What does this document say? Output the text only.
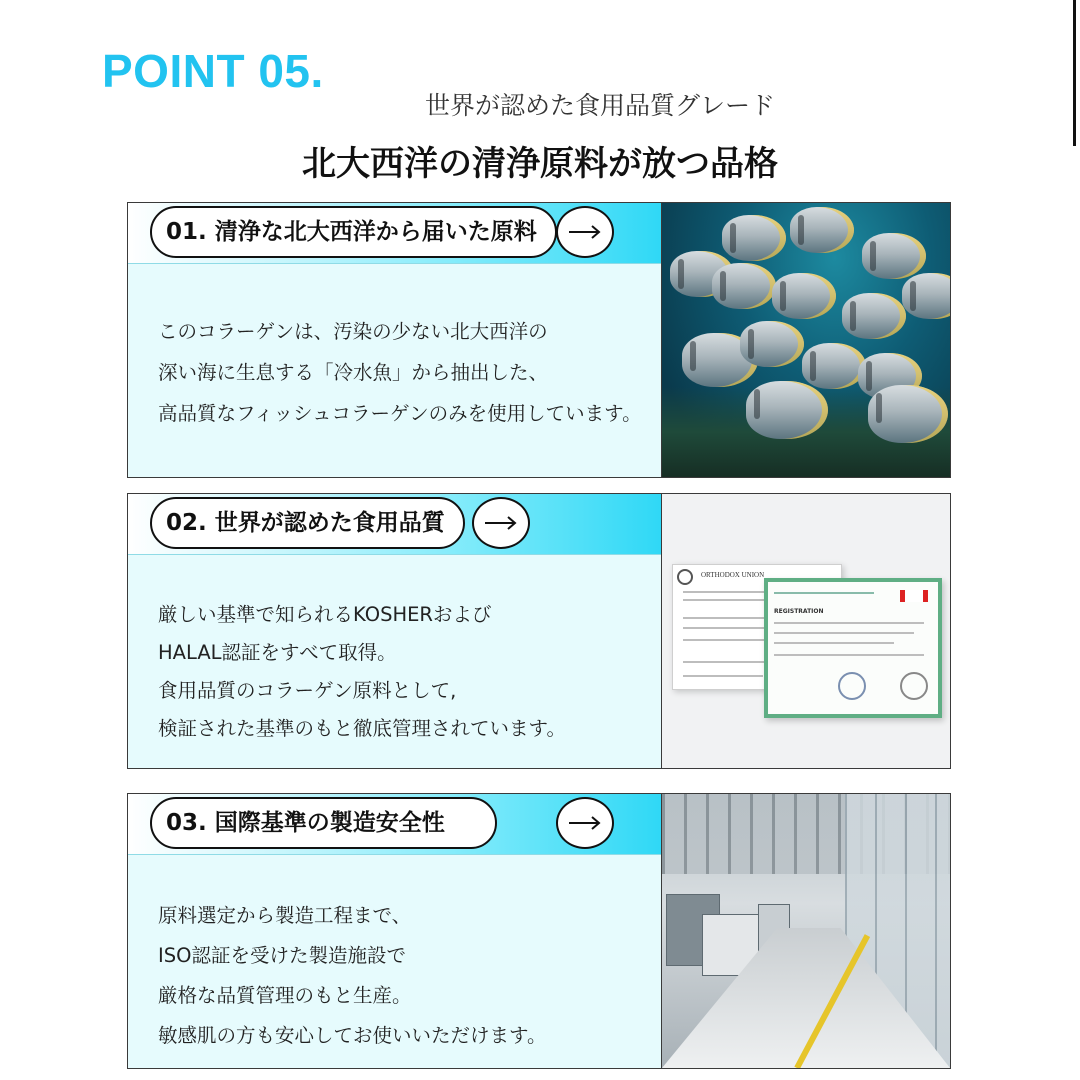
POINT 05.
世界が認めた食用品質グレード
北大西洋の清浄原料が放つ品格
01. 清浄な北大西洋から届いた原料
このコラーゲンは、汚染の少ない北大西洋の
深い海に生息する「冷水魚」から抽出した、
高品質なフィッシュコラーゲンのみを使用しています。
02. 世界が認めた食用品質
厳しい基準で知られるKOSHERおよび
HALAL認証をすべて取得。
食用品質のコラーゲン原料として,
検証された基準のもと徹底管理されています。
ORTHODOX UNION
REGISTRATION
03. 国際基準の製造安全性
原料選定から製造工程まで、
ISO認証を受けた製造施設で
厳格な品質管理のもと生産。
敏感肌の方も安心してお使いいただけます。
